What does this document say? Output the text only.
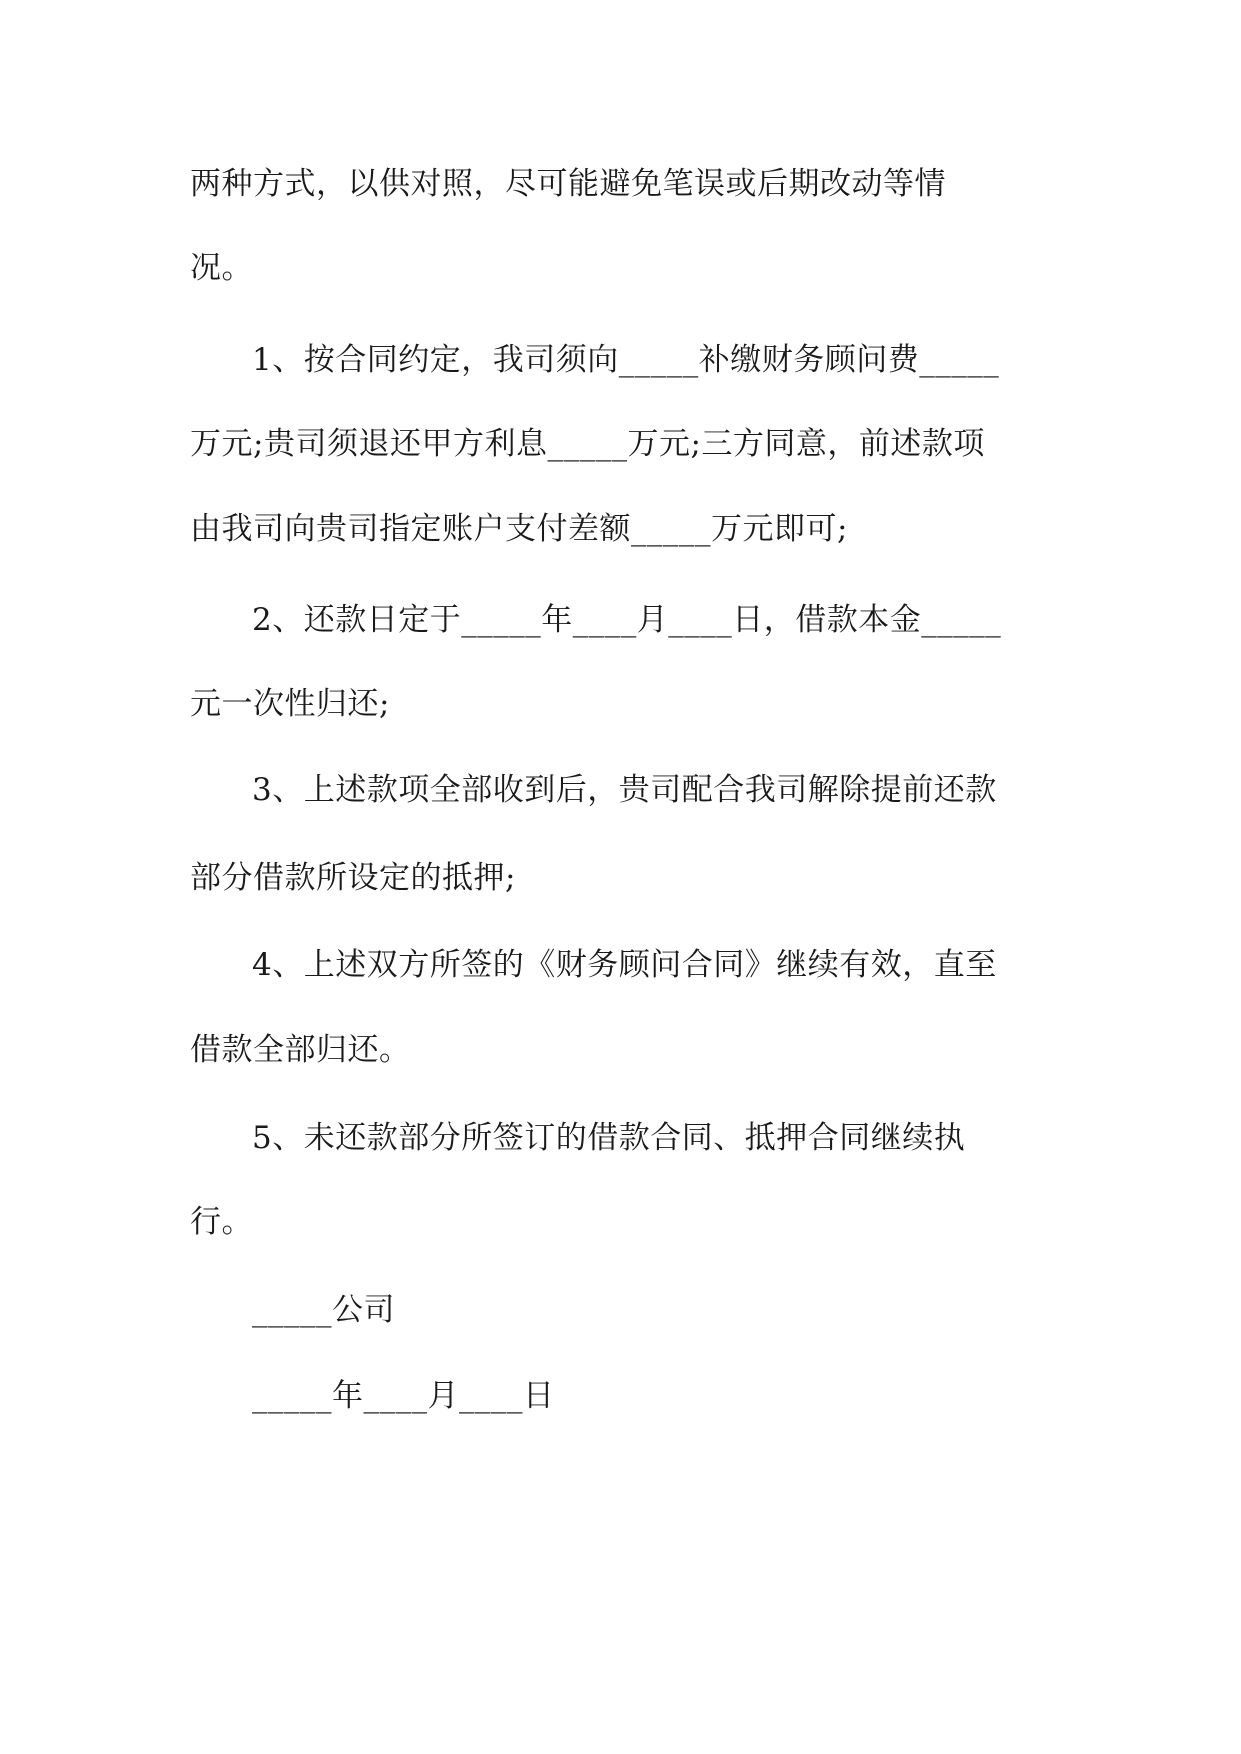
两种方式，以供对照，尽可能避免笔误或后期改动等情
况。
1、按合同约定，我司须向_____补缴财务顾问费_____
万元;贵司须退还甲方利息_____万元;三方同意，前述款项
由我司向贵司指定账户支付差额_____万元即可;
2、还款日定于_____年____月____日，借款本金_____
元一次性归还;
3、上述款项全部收到后，贵司配合我司解除提前还款
部分借款所设定的抵押;
4、上述双方所签的《财务顾问合同》继续有效，直至
借款全部归还。
5、未还款部分所签订的借款合同、抵押合同继续执
行。
_____公司
_____年____月____日
